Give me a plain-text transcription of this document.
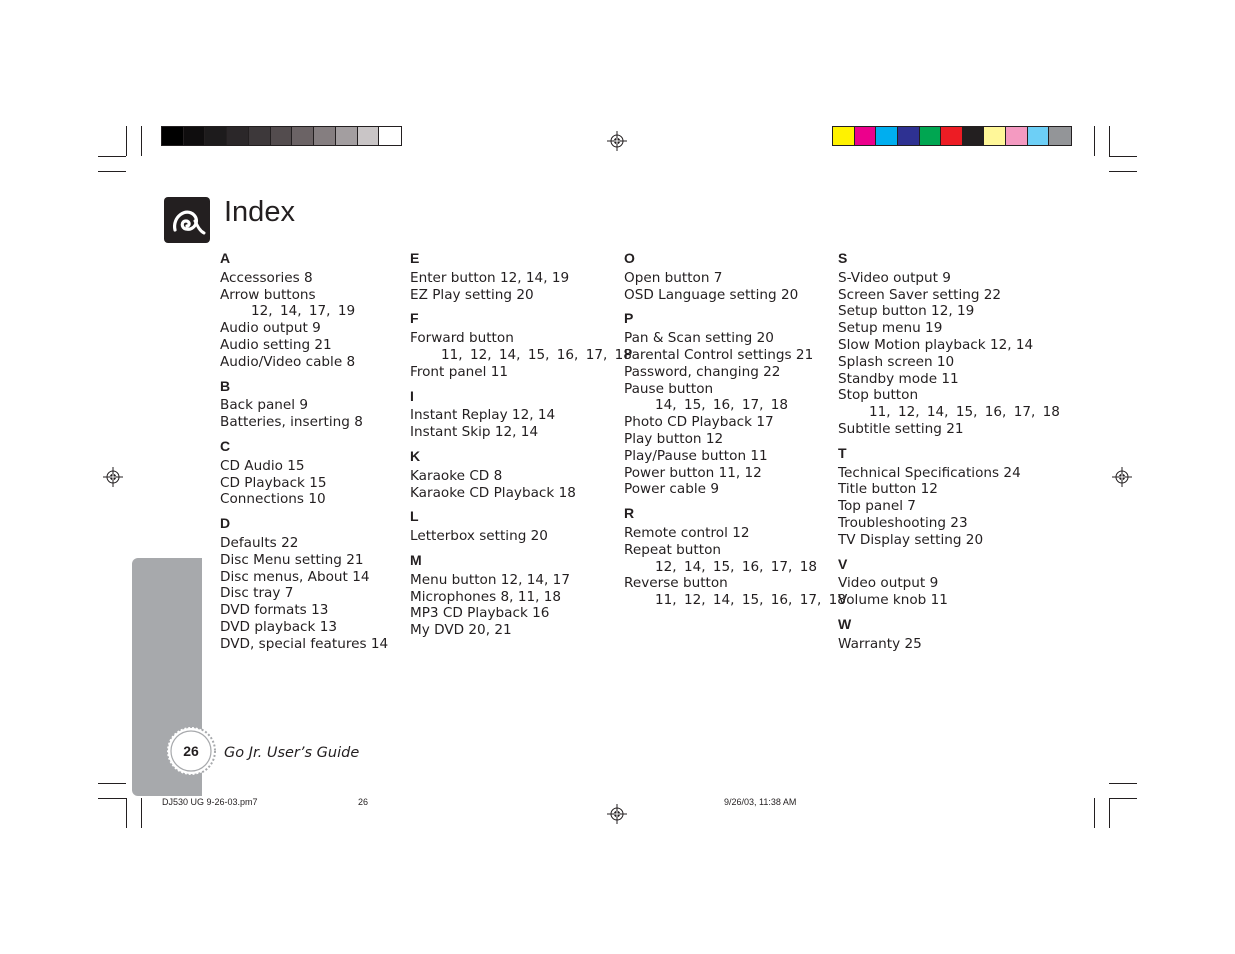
Index
A
Accessories 8
Arrow buttons
12, 14, 17, 19
Audio output 9
Audio setting 21
Audio/Video cable 8
B
Back panel 9
Batteries, inserting 8
C
CD Audio 15
CD Playback 15
Connections 10
D
Defaults 22
Disc Menu setting 21
Disc menus, About 14
Disc tray 7
DVD formats 13
DVD playback 13
DVD, special features 14
E
Enter button 12, 14, 19
EZ Play setting 20
F
Forward button
11, 12, 14, 15, 16, 17, 18
Front panel 11
I
Instant Replay 12, 14
Instant Skip 12, 14
K
Karaoke CD 8
Karaoke CD Playback 18
L
Letterbox setting 20
M
Menu button 12, 14, 17
Microphones 8, 11, 18
MP3 CD Playback 16
My DVD 20, 21
O
Open button 7
OSD Language setting 20
P
Pan & Scan setting 20
Parental Control settings 21
Password, changing 22
Pause button
14, 15, 16, 17, 18
Photo CD Playback 17
Play button 12
Play/Pause button 11
Power button 11, 12
Power cable 9
R
Remote control 12
Repeat button
12, 14, 15, 16, 17, 18
Reverse button
11, 12, 14, 15, 16, 17, 18
S
S-Video output 9
Screen Saver setting 22
Setup button 12, 19
Setup menu 19
Slow Motion playback 12, 14
Splash screen 10
Standby mode 11
Stop button
11, 12, 14, 15, 16, 17, 18
Subtitle setting 21
T
Technical Specifications 24
Title button 12
Top panel 7
Troubleshooting 23
TV Display setting 20
V
Video output 9
Volume knob 11
W
Warranty 25
26	Go Jr. User’s Guide
DJ530 UG 9-26-03.pm7	26	9/26/03, 11:38 AM
